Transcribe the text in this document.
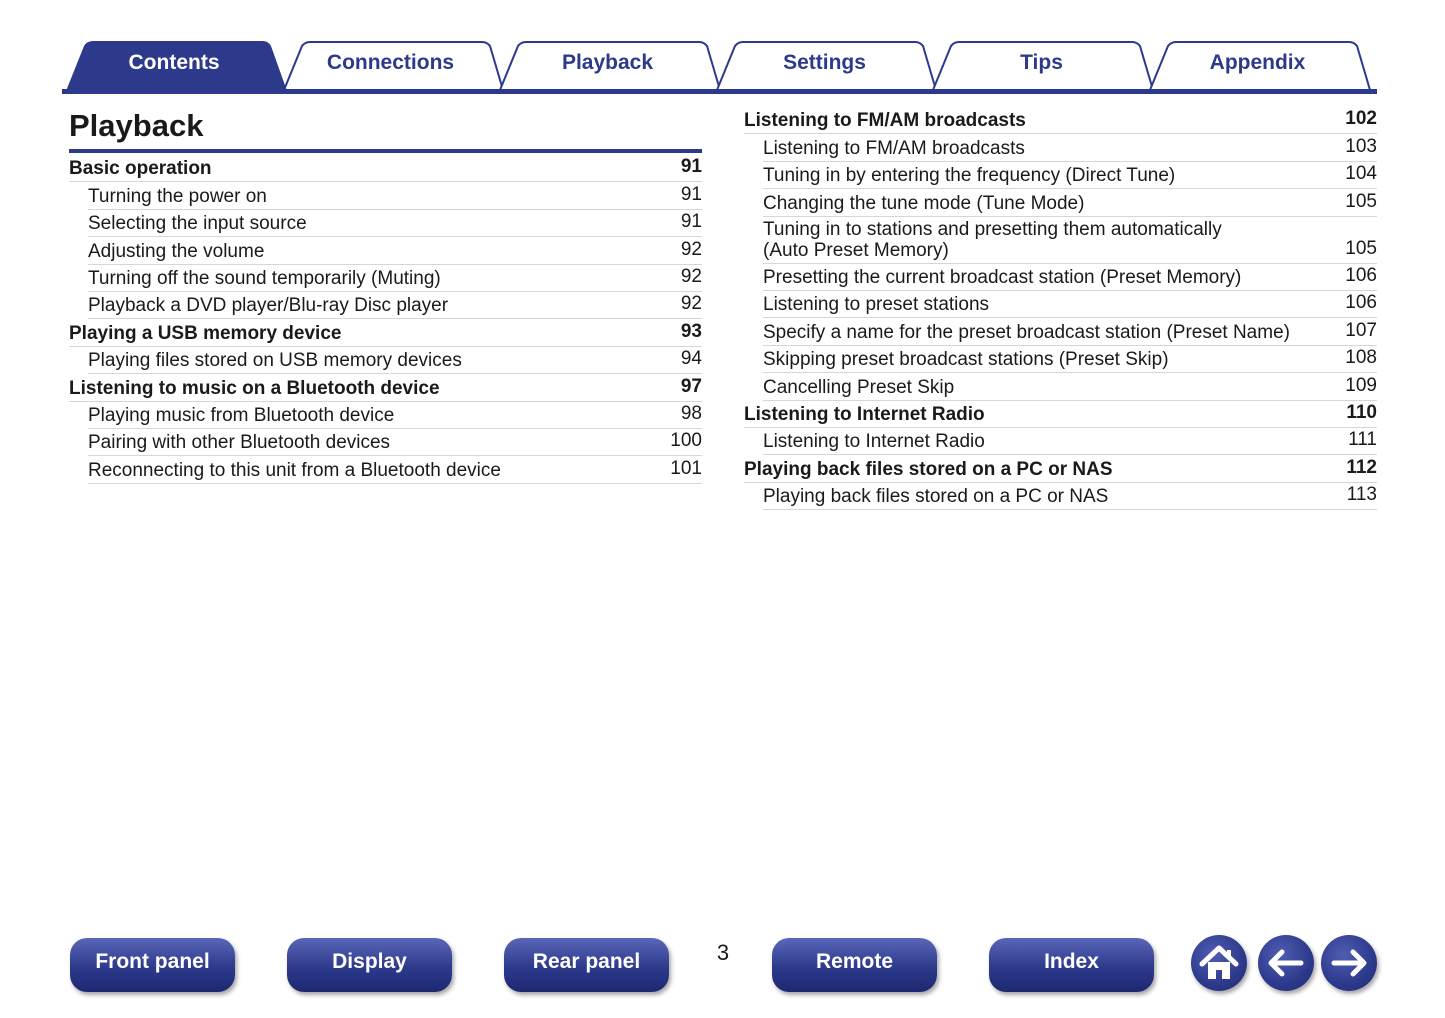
Contents	Connections	Playback	Settings	Tips	Appendix
Playback
Basic operation	91
Turning the power on	91
Selecting the input source	91
Adjusting the volume	92
Turning off the sound temporarily (Muting)	92
Playback a DVD player/Blu-ray Disc player	92
Playing a USB memory device	93
Playing files stored on USB memory devices	94
Listening to music on a Bluetooth device	97
Playing music from Bluetooth device	98
Pairing with other Bluetooth devices	100
Reconnecting to this unit from a Bluetooth device	101
Listening to FM/AM broadcasts	102
Listening to FM/AM broadcasts	103
Tuning in by entering the frequency (Direct Tune)	104
Changing the tune mode (Tune Mode)	105
Tuning in to stations and presetting them automatically (Auto Preset Memory)	105
Presetting the current broadcast station (Preset Memory)	106
Listening to preset stations	106
Specify a name for the preset broadcast station (Preset Name)	107
Skipping preset broadcast stations (Preset Skip)	108
Cancelling Preset Skip	109
Listening to Internet Radio	110
Listening to Internet Radio	111
Playing back files stored on a PC or NAS	112
Playing back files stored on a PC or NAS	113
Front panel	Display	Rear panel	3	Remote	Index
